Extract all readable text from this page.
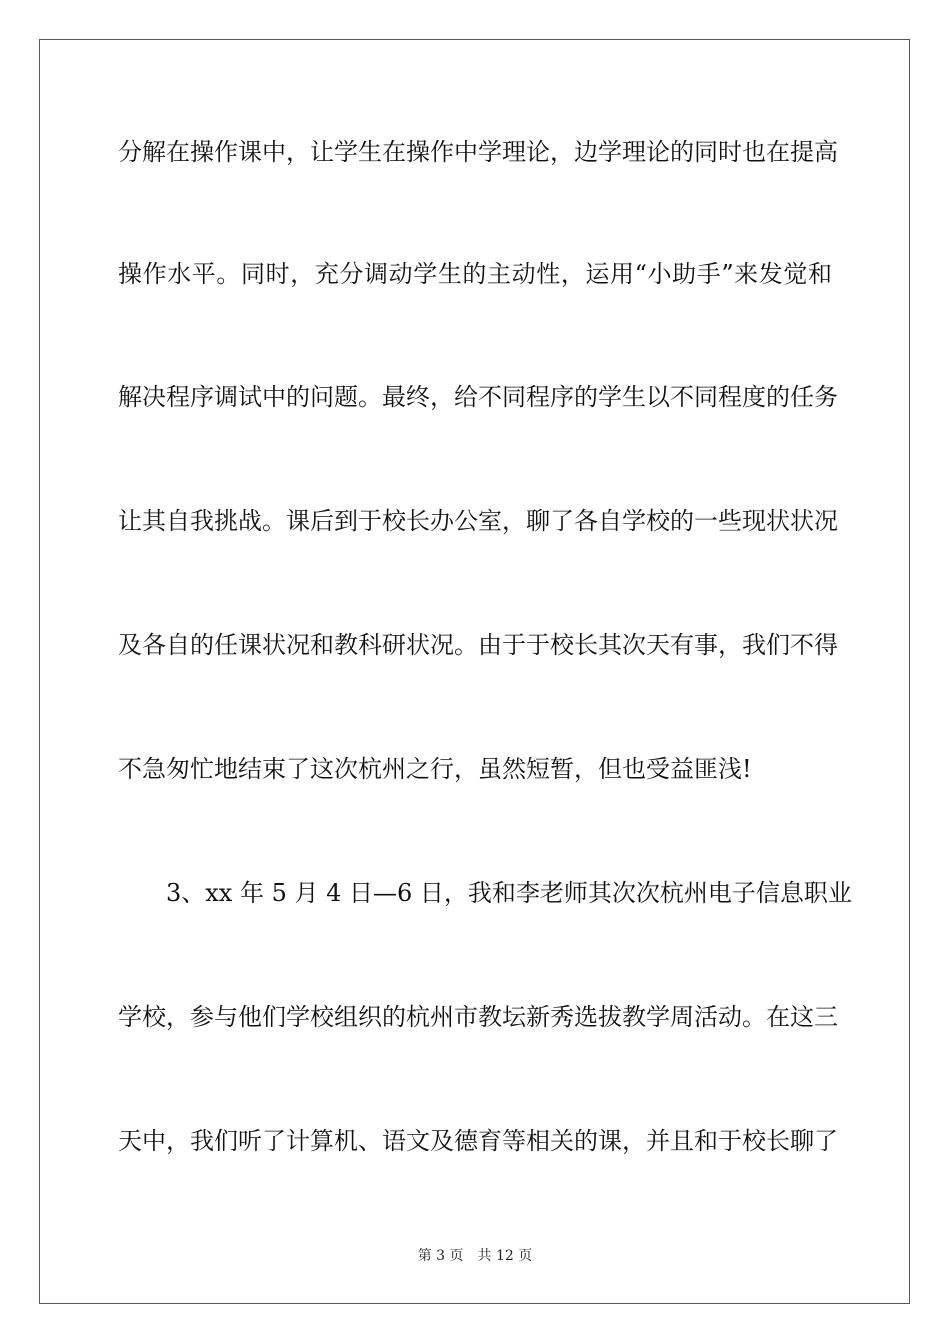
分解在操作课中，让学生在操作中学理论，边学理论的同时也在提高
操作水平。同时，充分调动学生的主动性，运用“小助手”来发觉和
解决程序调试中的问题。最终，给不同程序的学生以不同程度的任务
让其自我挑战。课后到于校长办公室，聊了各自学校的一些现状状况
及各自的任课状况和教科研状况。由于于校长其次天有事，我们不得
不急匆忙地结束了这次杭州之行，虽然短暂，但也受益匪浅!
3、xx 年 5 月 4 日—6 日，我和李老师其次次杭州电子信息职业
学校，参与他们学校组织的杭州市教坛新秀选拔教学周活动。在这三
天中，我们听了计算机、语文及德育等相关的课，并且和于校长聊了
第 3 页　共 12 页
